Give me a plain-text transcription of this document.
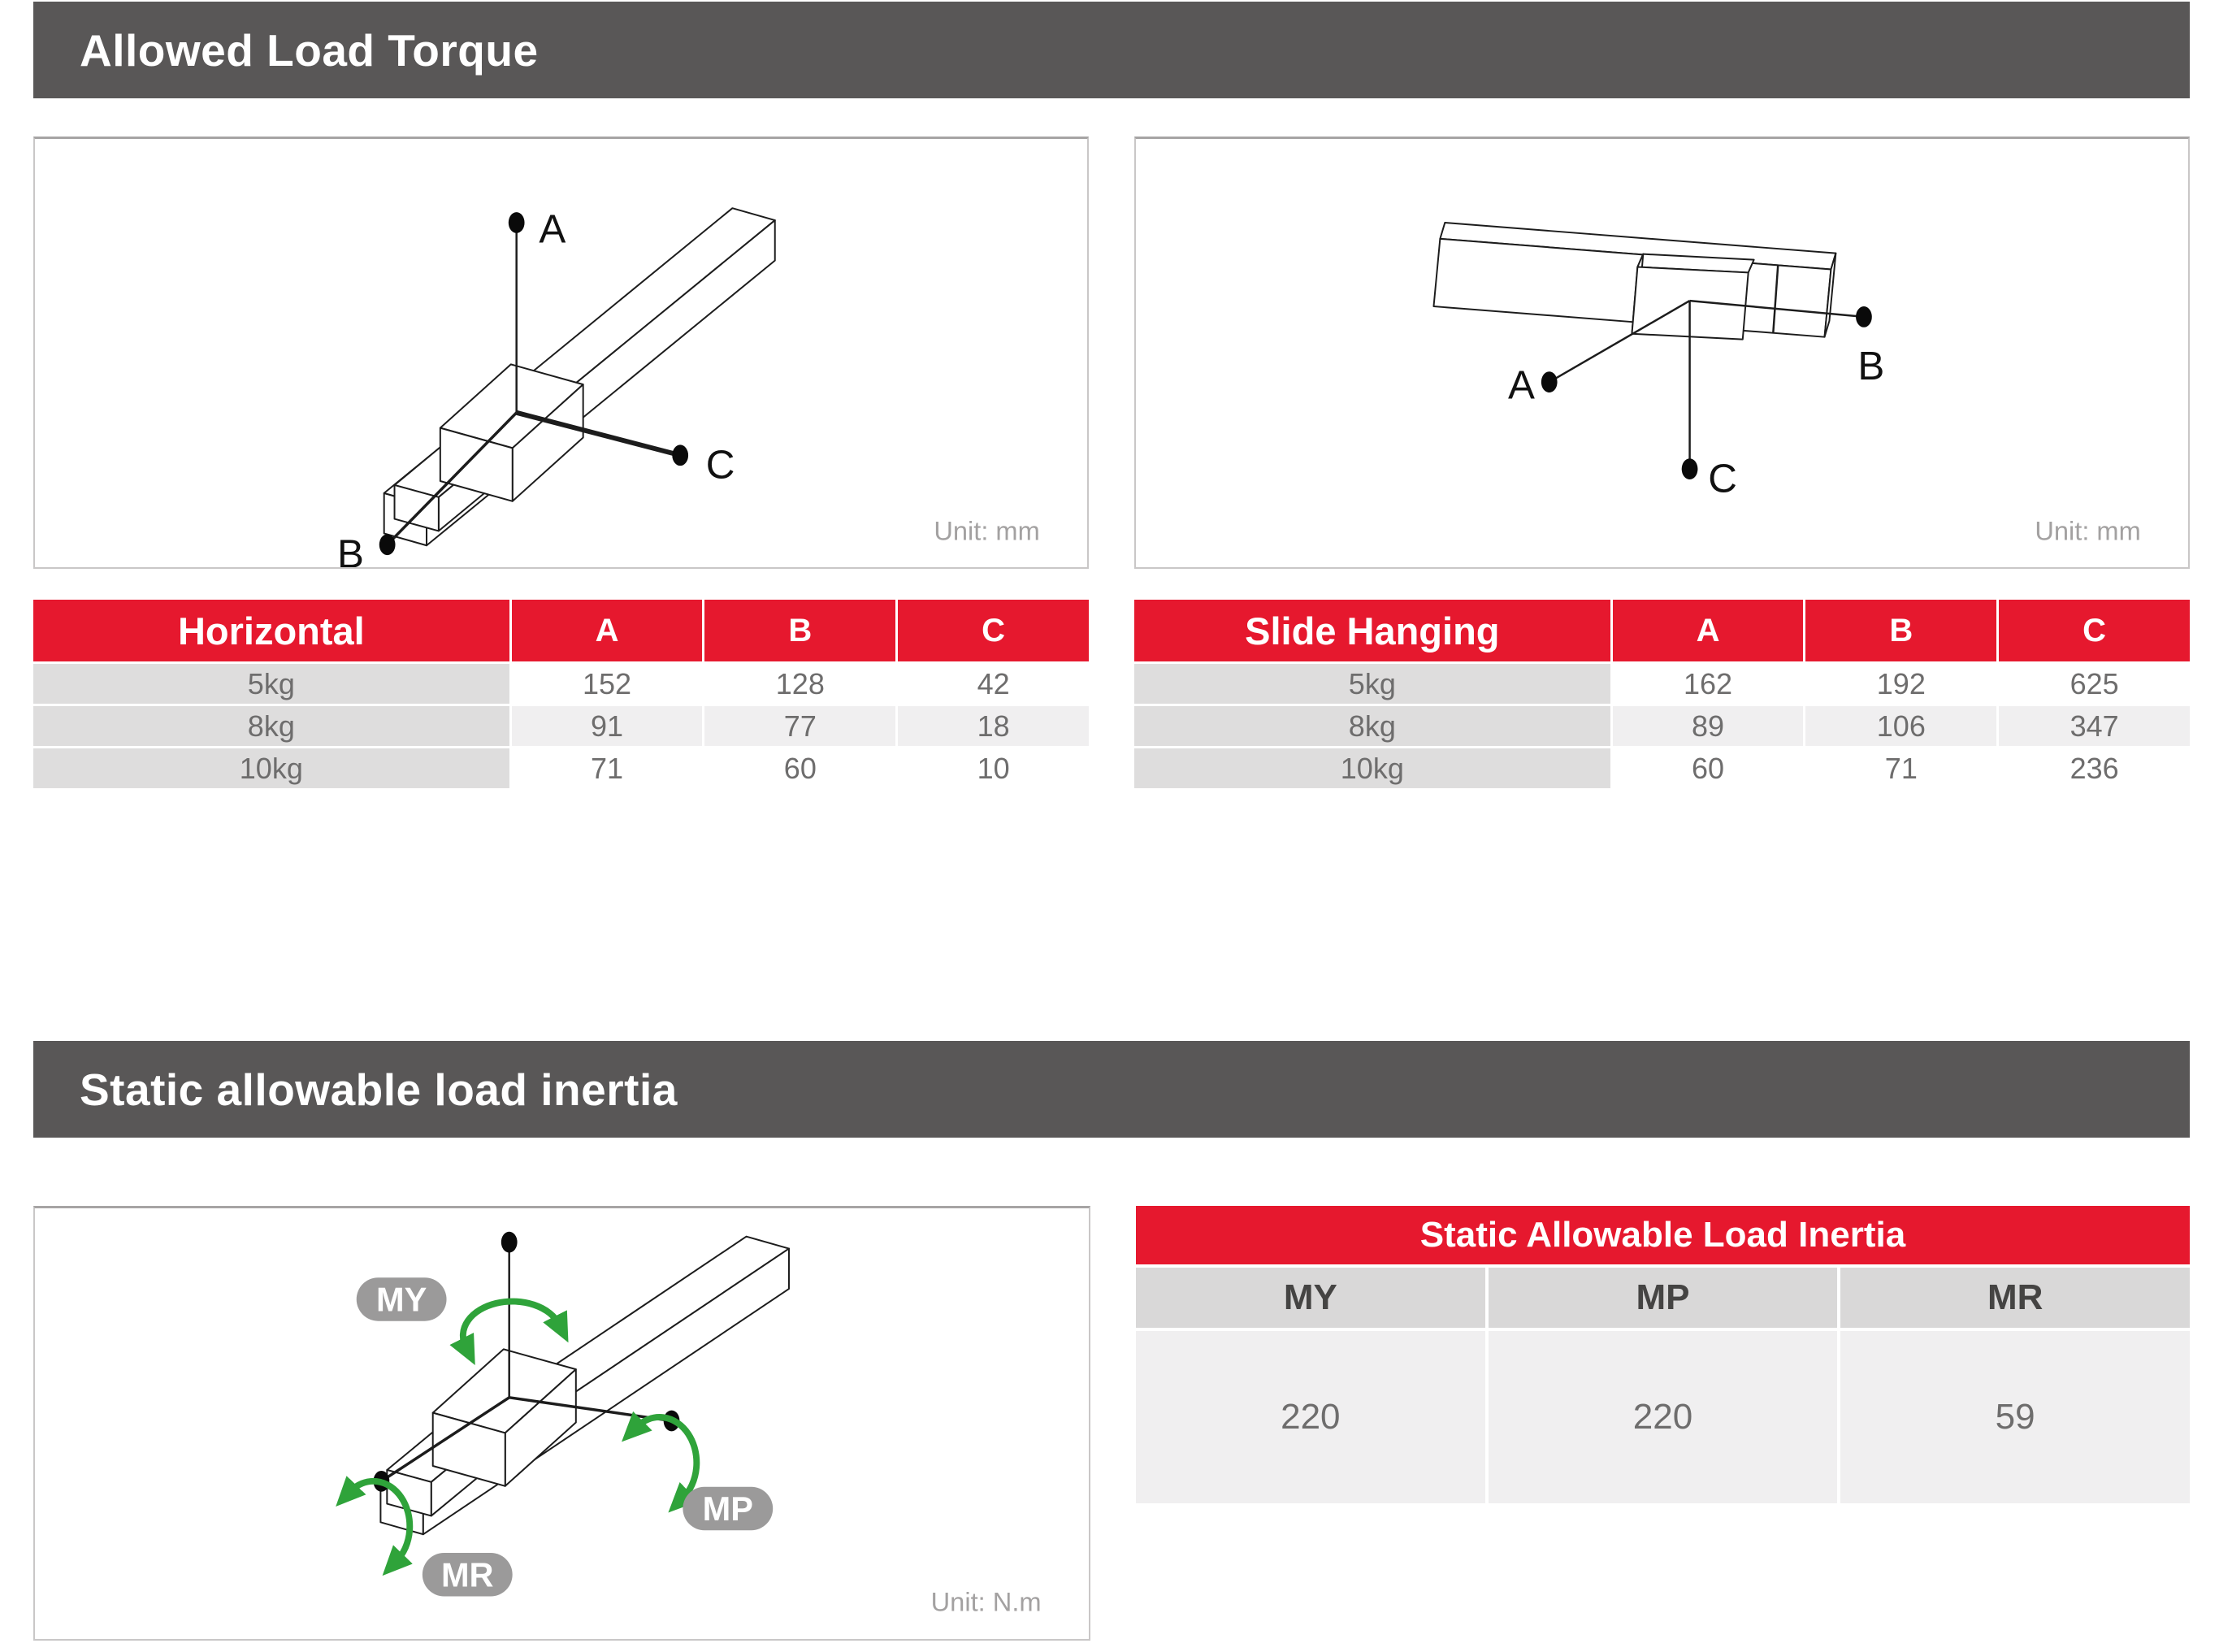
Allowed Load Torque
A
B
C
Unit: mm
A	B
C
Unit: mm
Horizontal	A	B	C
5kg	152	128	42
8kg	91	77	18
10kg	71	60	10
Slide Hanging	A	B	C
5kg	162	192	625
8kg	89	106	347
10kg	60	71	236
Static allowable load inertia
MY
MP
MR
Unit: N.m
Static Allowable Load Inertia
MY	MP	MR
220	220	59
